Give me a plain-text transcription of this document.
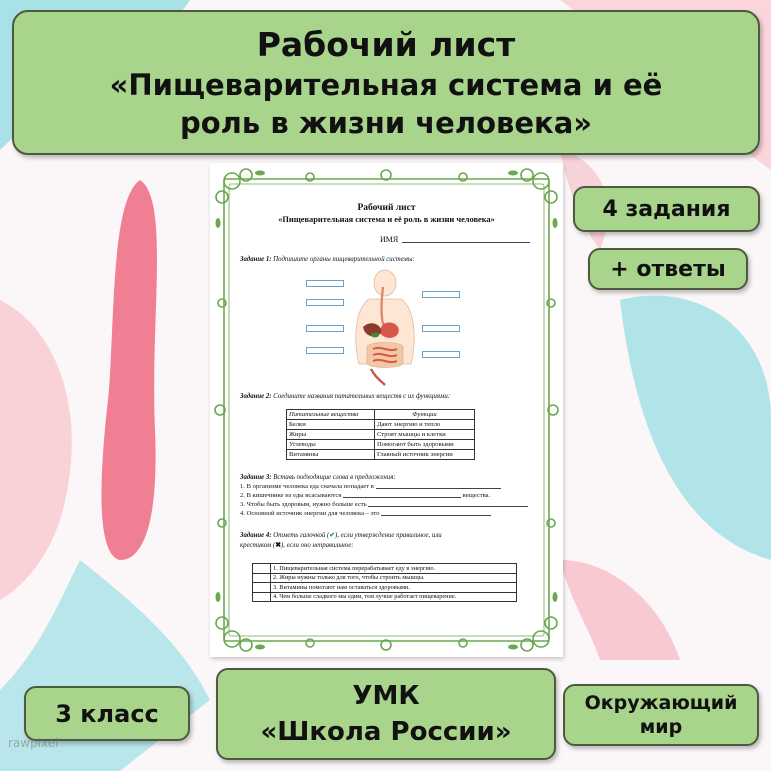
Рабочий лист
«Пищеварительная система и её
роль в жизни человека»
Рабочий лист
«Пищеварительная система и её роль в жизни человека»
ИМЯ
Задание 1: Подпишите органы пищеварительной системы:
Задание 2: Соедините названия питательных веществ с их функциями:
Питательные вещества	Функции
Белки	Дают энергию и тепло
Жиры	Строят мышцы и клетки
Углеводы	Помогают быть здоровыми
Витамины	Главный источник энергии
Задание 3: Вставь подходящие слова в предложения:
1. В организме человека еда сначала попадает в
2. В кишечнике из еды всасываются	вещества.
3. Чтобы быть здоровым, нужно больше есть
4. Основной источник энергии для человека – это
Задание 4: Отметь галочкой (✔), если утверждение правильное, или
крестиком (✖), если оно неправильное:
	1. Пищеварительная система перерабатывает еду в энергию.
	2. Жиры нужны только для того, чтобы строить мышцы.
	3. Витамины помогают нам оставаться здоровыми.
	4. Чем больше сладкого мы едим, тем лучше работает пищеварение.
4 задания
+ ответы
3 класс
УМК
«Школа России»
Окружающий
мир
rawpixel
